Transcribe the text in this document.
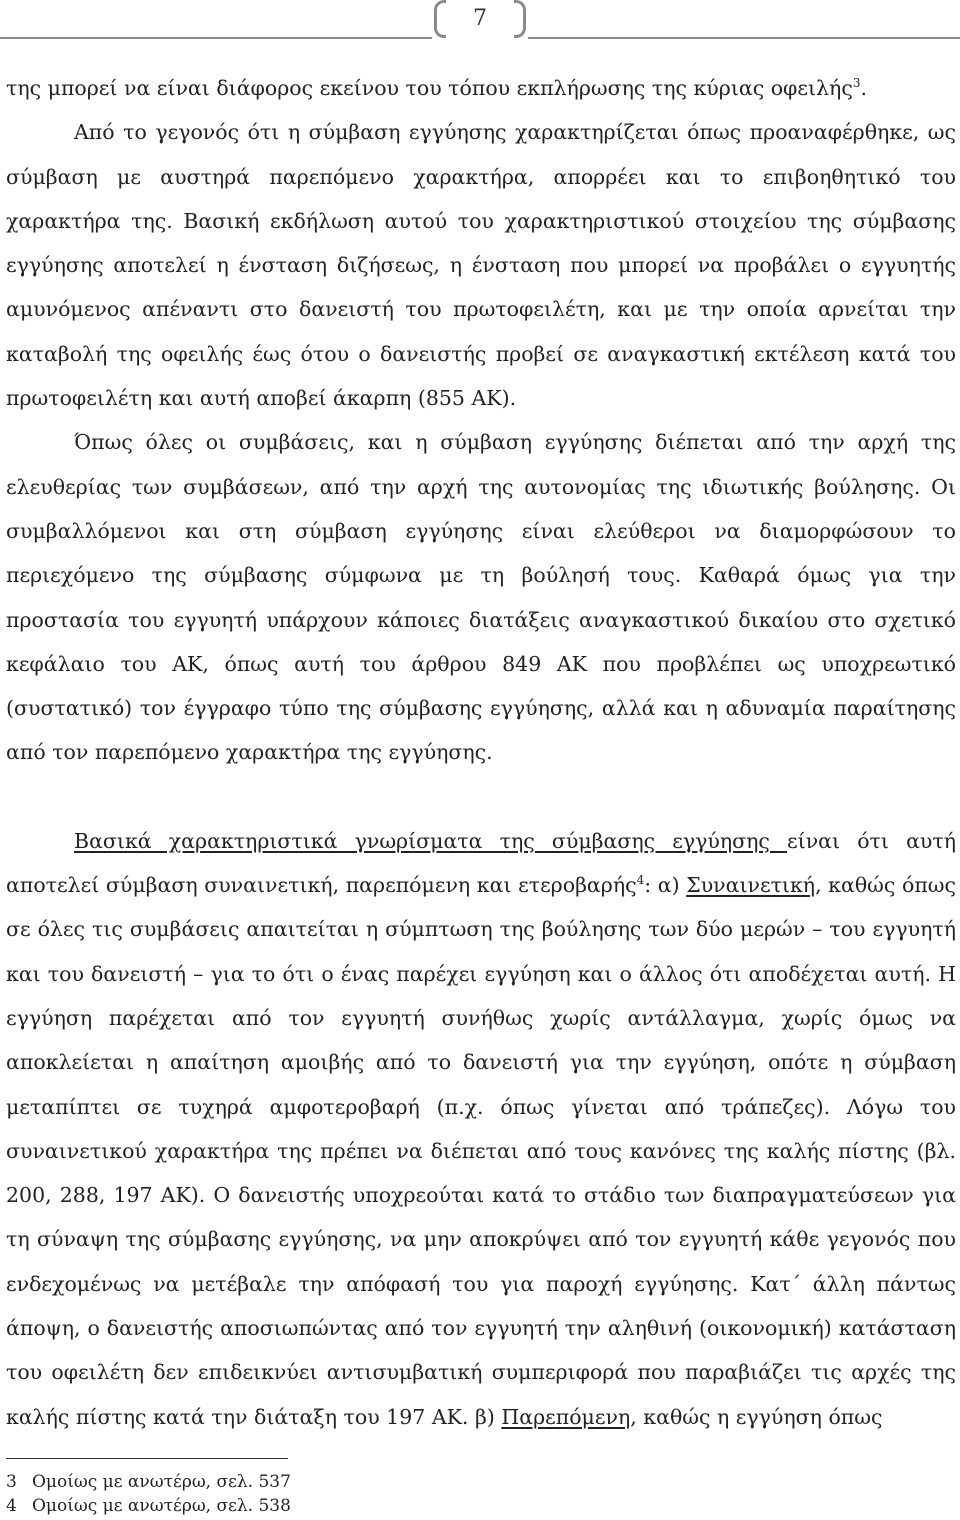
7

της μπορεί να είναι διάφορος εκείνου του τόπου εκπλήρωσης της κύριας οφειλής$^3$.

Από το γεγονός ότι η σύμβαση εγγύησης χαρακτηρίζεται όπως προαναφέρθηκε, ως σύμβαση με αυστηρά παρεπόμενο χαρακτήρα, απορρέει και το επιβοηθητικό του χαρακτήρα της. Βασική εκδήλωση αυτού του χαρακτηριστικού στοιχείου της σύμβασης εγγύησης αποτελεί η ένσταση διζήσεως, η ένσταση που μπορεί να προβάλει ο εγγυητής αμυνόμενος απέναντι στο δανειστή του πρωτοφειλέτη, και με την οποία αρνείται την καταβολή της οφειλής έως ότου ο δανειστής προβεί σε αναγκαστική εκτέλεση κατά του πρωτοφειλέτη και αυτή αποβεί άκαρπη (855 ΑΚ).

Όπως όλες οι συμβάσεις, και η σύμβαση εγγύησης διέπεται από την αρχή της ελευθερίας των συμβάσεων, από την αρχή της αυτονομίας της ιδιωτικής βούλησης. Οι συμβαλλόμενοι και στη σύμβαση εγγύησης είναι ελεύθεροι να διαμορφώσουν το περιεχόμενο της σύμβασης σύμφωνα με τη βούλησή τους. Καθαρά όμως για την προστασία του εγγυητή υπάρχουν κάποιες διατάξεις αναγκαστικού δικαίου στο σχετικό κεφάλαιο του ΑΚ, όπως αυτή του άρθρου 849 ΑΚ που προβλέπει ως υποχρεωτικό (συστατικό) τον έγγραφο τύπο της σύμβασης εγγύησης, αλλά και η αδυναμία παραίτησης από τον παρεπόμενο χαρακτήρα της εγγύησης.

Βασικά χαρακτηριστικά γνωρίσματα της σύμβασης εγγύησης είναι ότι αυτή αποτελεί σύμβαση συναινετική, παρεπόμενη και ετεροβαρής$^4$: α) Συναινετική, καθώς όπως σε όλες τις συμβάσεις απαιτείται η σύμπτωση της βούλησης των δύο μερών – του εγγυητή και του δανειστή – για το ότι ο ένας παρέχει εγγύηση και ο άλλος ότι αποδέχεται αυτή. Η εγγύηση παρέχεται από τον εγγυητή συνήθως χωρίς αντάλλαγμα, χωρίς όμως να αποκλείεται η απαίτηση αμοιβής από το δανειστή για την εγγύηση, οπότε η σύμβαση μεταπίπτει σε τυχηρά αμφοτεροβαρή (π.χ. όπως γίνεται από τράπεζες). Λόγω του συναινετικού χαρακτήρα της πρέπει να διέπεται από τους κανόνες της καλής πίστης (βλ. 200, 288, 197 ΑΚ). Ο δανειστής υποχρεούται κατά το στάδιο των διαπραγματεύσεων για τη σύναψη της σύμβασης εγγύησης, να μην αποκρύψει από τον εγγυητή κάθε γεγονός που ενδεχομένως να μετέβαλε την απόφασή του για παροχή εγγύησης. Κατ΄ άλλη πάντως άποψη, ο δανειστής αποσιωπώντας από τον εγγυητή την αληθινή (οικονομική) κατάσταση του οφειλέτη δεν επιδεικνύει αντισυμβατική συμπεριφορά που παραβιάζει τις αρχές της καλής πίστης κατά την διάταξη του 197 ΑΚ. β) Παρεπόμενη, καθώς η εγγύηση όπως

3 Ομοίως με ανωτέρω, σελ. 537
4 Ομοίως με ανωτέρω, σελ. 538
